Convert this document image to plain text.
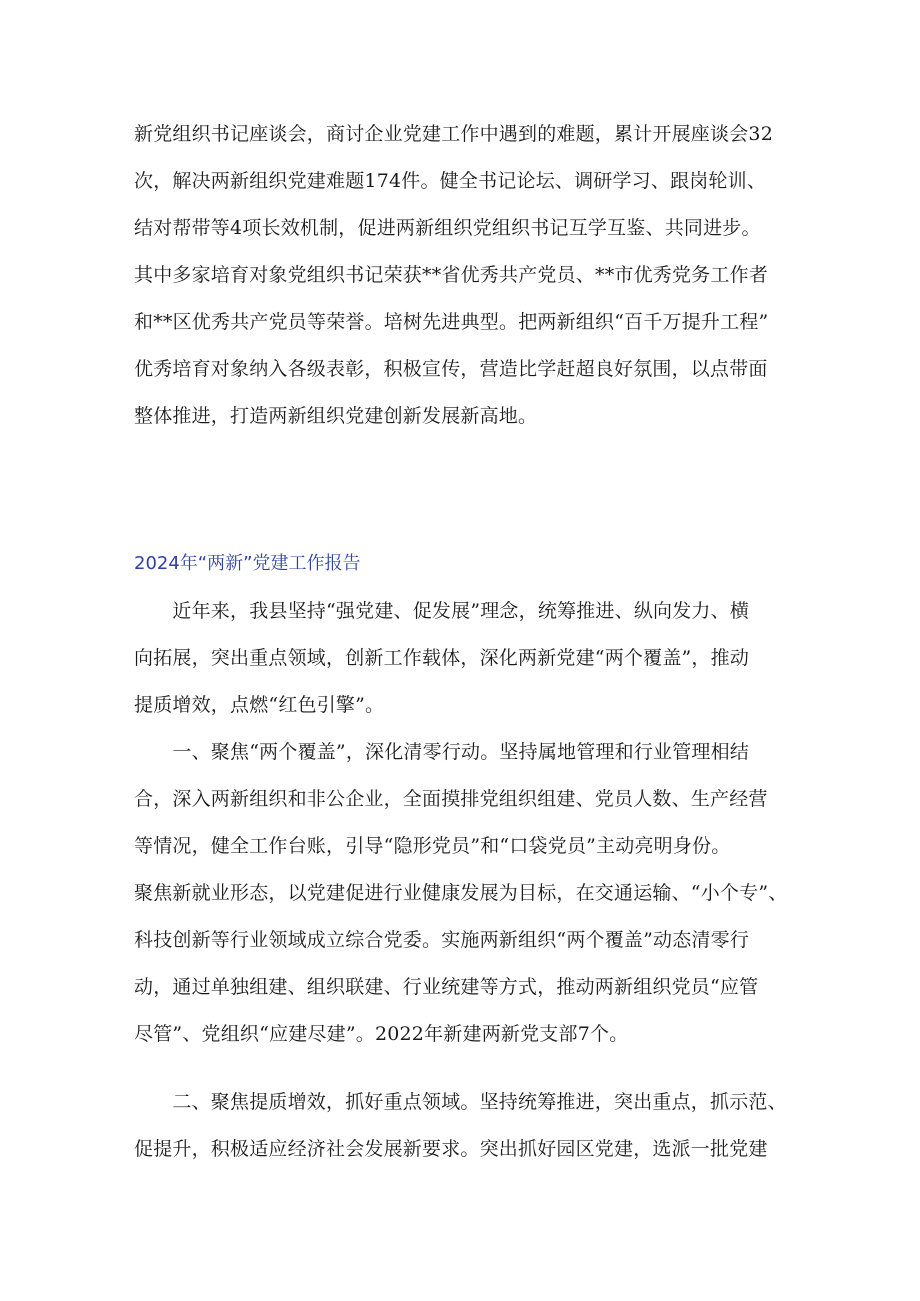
新党组织书记座谈会，商讨企业党建工作中遇到的难题，累计开展座谈会32
次，解决两新组织党建难题174件。健全书记论坛、调研学习、跟岗轮训、
结对帮带等4项长效机制，促进两新组织党组织书记互学互鉴、共同进步。
其中多家培育对象党组织书记荣获**省优秀共产党员、**市优秀党务工作者
和**区优秀共产党员等荣誉。培树先进典型。把两新组织“百千万提升工程”
优秀培育对象纳入各级表彰，积极宣传，营造比学赶超良好氛围，以点带面
整体推进，打造两新组织党建创新发展新高地。
2024年“两新”党建工作报告
　　近年来，我县坚持“强党建、促发展”理念，统筹推进、纵向发力、横
向拓展，突出重点领域，创新工作载体，深化两新党建“两个覆盖”，推动
提质增效，点燃“红色引擎”。
　　一、聚焦“两个覆盖”，深化清零行动。坚持属地管理和行业管理相结
合，深入两新组织和非公企业，全面摸排党组织组建、党员人数、生产经营
等情况，健全工作台账，引导“隐形党员”和“口袋党员”主动亮明身份。
聚焦新就业形态，以党建促进行业健康发展为目标，在交通运输、“小个专”、
科技创新等行业领域成立综合党委。实施两新组织“两个覆盖”动态清零行
动，通过单独组建、组织联建、行业统建等方式，推动两新组织党员“应管
尽管”、党组织“应建尽建”。2022年新建两新党支部7个。
　　二、聚焦提质增效，抓好重点领域。坚持统筹推进，突出重点，抓示范、
促提升，积极适应经济社会发展新要求。突出抓好园区党建，选派一批党建
